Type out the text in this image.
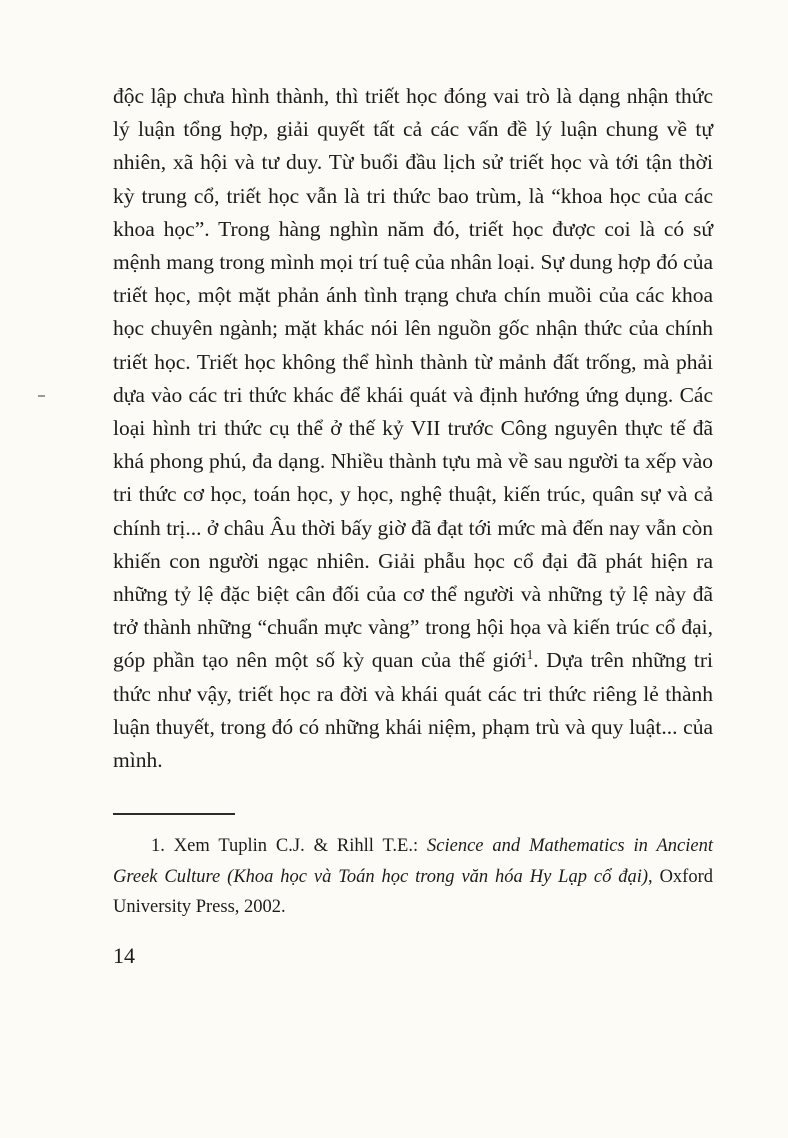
độc lập chưa hình thành, thì triết học đóng vai trò là dạng nhận thức lý luận tổng hợp, giải quyết tất cả các vấn đề lý luận chung về tự nhiên, xã hội và tư duy. Từ buổi đầu lịch sử triết học và tới tận thời kỳ trung cổ, triết học vẫn là tri thức bao trùm, là “khoa học của các khoa học”. Trong hàng nghìn năm đó, triết học được coi là có sứ mệnh mang trong mình mọi trí tuệ của nhân loại. Sự dung hợp đó của triết học, một mặt phản ánh tình trạng chưa chín muồi của các khoa học chuyên ngành; mặt khác nói lên nguồn gốc nhận thức của chính triết học. Triết học không thể hình thành từ mảnh đất trống, mà phải dựa vào các tri thức khác để khái quát và định hướng ứng dụng. Các loại hình tri thức cụ thể ở thế kỷ VII trước Công nguyên thực tế đã khá phong phú, đa dạng. Nhiều thành tựu mà về sau người ta xếp vào tri thức cơ học, toán học, y học, nghệ thuật, kiến trúc, quân sự và cả chính trị... ở châu Âu thời bấy giờ đã đạt tới mức mà đến nay vẫn còn khiến con người ngạc nhiên. Giải phẫu học cổ đại đã phát hiện ra những tỷ lệ đặc biệt cân đối của cơ thể người và những tỷ lệ này đã trở thành những “chuẩn mực vàng” trong hội họa và kiến trúc cổ đại, góp phần tạo nên một số kỳ quan của thế giới$^1$. Dựa trên những tri thức như vậy, triết học ra đời và khái quát các tri thức riêng lẻ thành luận thuyết, trong đó có những khái niệm, phạm trù và quy luật... của mình.
1. Xem Tuplin C.J. & Rihll T.E.: Science and Mathematics in Ancient Greek Culture (Khoa học và Toán học trong văn hóa Hy Lạp cổ đại), Oxford University Press, 2002.
14
